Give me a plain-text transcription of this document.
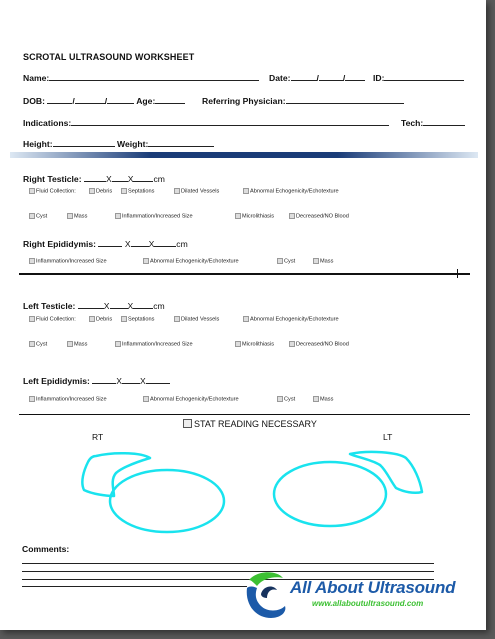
SCROTAL ULTRASOUND WORKSHEET
Name:	Date:	/	/	ID:
DOB:	/	/	Age:	Referring Physician:
Indications:	Tech:
Height:	Weight:
Right Testicle:	X X cm
Fluid Collection:	Debris	Septations	Dilated Vessels	Abnormal Echogenicity/Echotexture
Cyst	Mass	Inflammation/Increased Size	Microlithiasis	Decreased/NO Blood
Right Epididymis:	X X	cm
Inflammation/Increased Size	Abnormal Echogenicity/Echotexture	Cyst	Mass
Left Testicle:	X X cm
Fluid Collection:	Debris	Septations	Dilated Vessels	Abnormal Echogenicity/Echotexture
Cyst	Mass	Inflammation/Increased Size	Microlithiasis	Decreased/NO Blood
Left Epididymis:	X X
Inflammation/Increased Size	Abnormal Echogenicity/Echotexture	Cyst	Mass
STAT READING NECESSARY
RT	LT
Comments:
All About Ultrasound
www.allaboutultrasound.com
